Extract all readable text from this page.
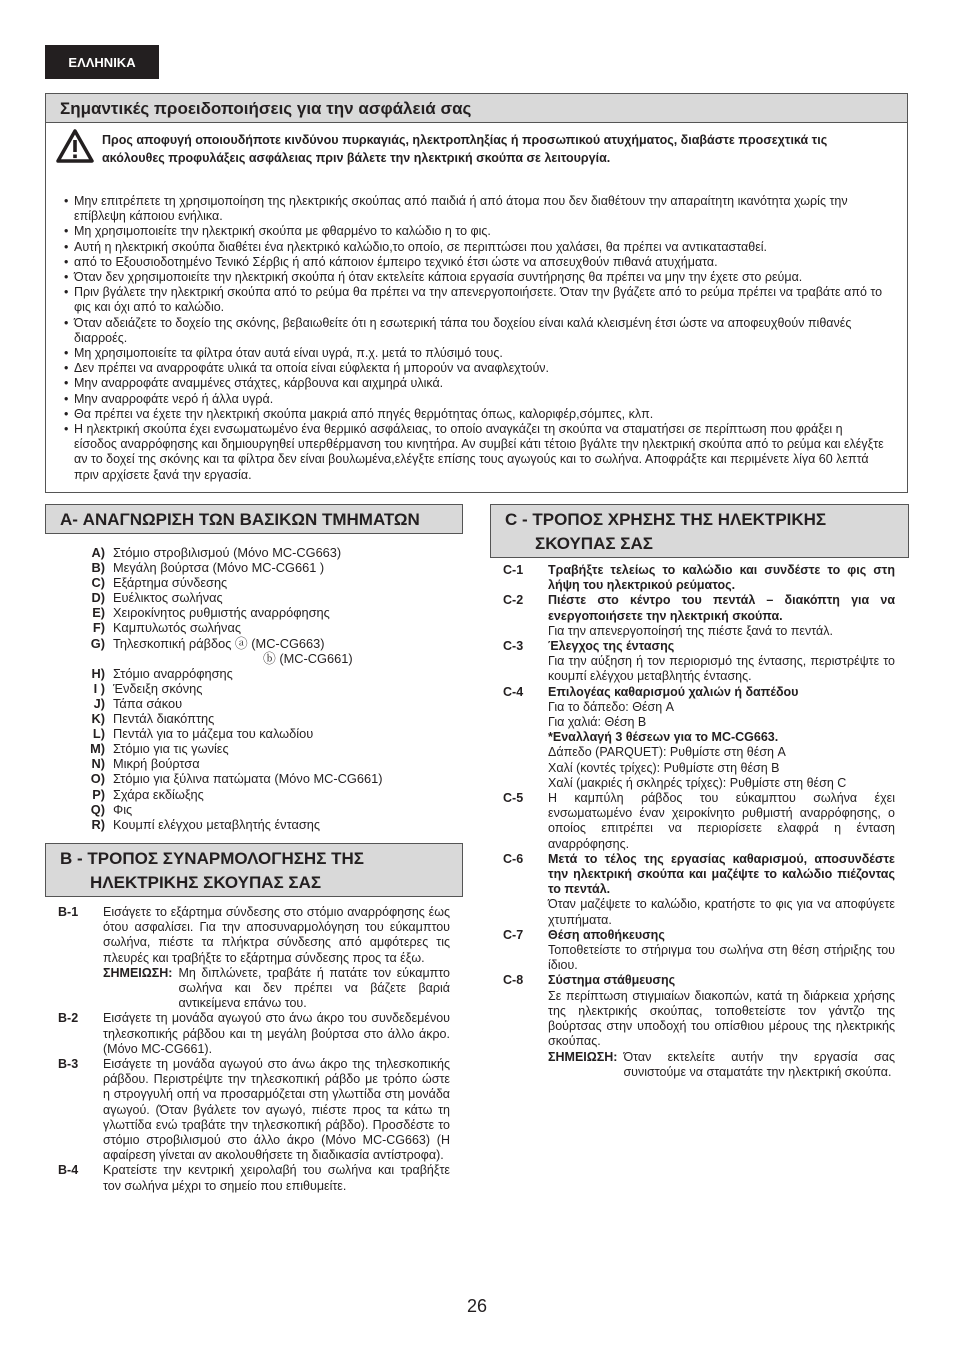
ΕΛΛΗΝΙΚΑ
Σημαντικές προειδοποιήσεις για την ασφάλειά σας
Προς αποφυγή οποιουδήποτε κινδύνου πυρκαγιάς, ηλεκτροπληξίας ή προσωπικού ατυχήματος, διαβάστε προσεχτικά τις ακόλουθες προφυλάξεις ασφάλειας πριν βάλετε την ηλεκτρική σκούπα σε λειτουργία.
• Μην επιτρέπετε τη χρησιμοποίηση της ηλεκτρικής σκούπας από παιδιά ή από άτομα που δεν διαθέτουν την απαραίτητη ικανότητα χωρίς την επίβλεψη κάποιου ενήλικα.
• Μη χρησιμοποιείτε την ηλεκτρική σκούπα με φθαρμένο το καλώδιο η το φις.
• Αυτή η ηλεκτρική σκούπα διαθέτει ένα ηλεκτρικό καλώδιο,το οποίο, σε περιπτώσει που χαλάσει, θα πρέπει να αντικατασταθεί.
• από το Εξουσιοδοτημένο Τενικό Σέρβις ή από κάποιον έμπειρο τεχνικό έτσι ώστε να απσευχθούν πιθανά ατυχήματα.
• Όταν δεν χρησιμοποιείτε την ηλεκτρική σκούπα ή όταν εκτελείτε κάποια εργασία συντήρησης θα πρέπει να μην την έχετε στο ρεύμα.
• Πριν βγάλετε την ηλεκτρική σκούπα από το ρεύμα θα πρέπει να την απενεργοποιήσετε. Όταν την βγάζετε από το ρεύμα πρέπει να τραβάτε από το φις και όχι από το καλώδιο.
• Όταν αδειάζετε το δοχείο της σκόνης, βεβαιωθείτε ότι η εσωτερική τάπα του δοχείου είναι καλά κλεισμένη έτσι ώστε να αποφευχθούν πιθανές διαρροές.
• Μη χρησιμοποιείτε τα φίλτρα όταν αυτά είναι υγρά, π.χ. μετά το πλύσιμό τους.
• Δεν πρέπει να αναρροφάτε υλικά τα οποία είναι εύφλεκτα ή μπορούν να αναφλεχτούν.
• Μην αναρροφάτε αναμμένες στάχτες, κάρβουνα και αιχμηρά υλικά.
• Μην αναρροφάτε νερό ή άλλα υγρά.
• Θα πρέπει να έχετε την ηλεκτρική σκούπα μακριά από πηγές θερμότητας όπως, καλοριφέρ,σόμπες, κλπ.
• Η ηλεκτρική σκούπα έχει ενσωματωμένο ένα θερμικό ασφάλειας, το οποίο αναγκάζει τη σκούπα να σταματήσει σε περίπτωση που φράξει η είσοδος αναρρόφησης και δημιουργηθεί υπερθέρμανση του κινητήρα. Αν συμβεί κάτι τέτοιο βγάλτε την ηλεκτρική σκούπα από το ρεύμα και ελέγξτε αν το δοχεί της σκόνης και τα φίλτρα δεν είναι βουλωμένα,ελέγξτε επίσης τους αγωγούς και το σωλήνα. Αποφράξτε και περιμένετε λίγα 60 λεπτά πριν αρχίσετε ξανά την εργασία.
A- ΑΝΑΓΝΩΡΙΣΗ ΤΩΝ ΒΑΣΙΚΩΝ ΤΜΗΜΑΤΩΝ
A) Στόμιο στροβιλισμού (Μόνο MC-CG663)
B) Μεγάλη βούρτσα (Μόνο MC-CG661 )
C) Εξάρτημα σύνδεσης
D) Ευέλικτος σωλήνας
E) Χειροκίνητος ρυθμιστής αναρρόφησης
F) Καμπυλωτός σωλήνας
G) Τηλεσκοπική ράβδος ⓐ (MC-CG663)
ⓑ (MC-CG661)
H) Στόμιο αναρρόφησης
I ) Ένδειξη σκόνης
J) Τάπα σάκου
K) Πεντάλ διακόπτης
L) Πεντάλ για το μάζεμα του καλωδίου
M) Στόμιο για τις γωνίες
N) Μικρή βούρτσα
O) Στόμιο για ξύλινα πατώματα (Μόνο MC-CG661)
P) Σχάρα εκδίωξης
Q) Φις
R) Κουμπί ελέγχου μεταβλητής έντασης
B - ΤΡΟΠΟΣ ΣΥΝΑΡΜΟΛΟΓΗΣΗΣ ΤΗΣ
ΗΛΕΚΤΡΙΚΗΣ ΣΚΟΥΠΑΣ ΣΑΣ
B-1	Εισάγετε το εξάρτημα σύνδεσης στο στόμιο αναρρόφησης έως ότου ασφαλίσει. Για την αποσυναρμολόγηση του εύκαμπτου σωλήνα, πιέστε τα πλήκτρα σύνδεσης από αμφότερες τις πλευρές και τραβήξτε το εξάρτημα σύνδεσης προς τα έξω.
ΣΗΜΕΙΩΣΗ: Μη διπλώνετε, τραβάτε ή πατάτε τον εύκαμπτο σωλήνα και δεν πρέπει να βάζετε βαριά αντικείμενα επάνω του.
B-2	Εισάγετε τη μονάδα αγωγού στο άνω άκρο του συνδεδεμένου τηλεσκοπικής ράβδου και τη μεγάλη βούρτσα στο άλλο άκρο. (Μόνο MC-CG661).
B-3	Εισάγετε τη μονάδα αγωγού στο άνω άκρο της τηλεσκοπικής ράβδου. Περιστρέψτε την τηλεσκοπική ράβδο με τρόπο ώστε η στρογγυλή οπή να προσαρμόζεται στη γλωττίδα στη μονάδα αγωγού. (Όταν βγάλετε τον αγωγό, πιέστε προς τα κάτω τη γλωττίδα ενώ τραβάτε την τηλεσκοπική ράβδο). Προσδέστε το στόμιο στροβιλισμού στο άλλο άκρο (Μόνο MC-CG663) (Η αφαίρεση γίνεται αν ακολουθήσετε τη διαδικασία αντίστροφα).
B-4	Κρατείστε την κεντρική χειρολαβή του σωλήνα και τραβήξτε τον σωλήνα μέχρι το σημείο που επιθυμείτε.
C - ΤΡΟΠΟΣ ΧΡΗΣΗΣ ΤΗΣ ΗΛΕΚΤΡΙΚΗΣ
ΣΚΟΥΠΑΣ ΣΑΣ
C-1	Τραβήξτε τελείως το καλώδιο και συνδέστε το φις στη λήψη του ηλεκτρικού ρεύματος.
C-2	Πιέστε στο κέντρο του πεντάλ – διακόπτη για να ενεργοποιήσετε την ηλεκτρική σκούπα.
Για την απενεργοποίησή της πιέστε ξανά το πεντάλ.
C-3	Έλεγχος της έντασης
Για την αύξηση ή τον περιορισμό της έντασης, περιστρέψτε το κουμπί ελέγχου μεταβλητής έντασης.
C-4	Επιλογέας καθαρισμού χαλιών ή δαπέδου
Για το δάπεδο: Θέση A
Για χαλιά: Θέση B
*Εναλλαγή 3 θέσεων για το MC-CG663.
Δάπεδο (PARQUET): Ρυθμίστε στη θέση A
Χαλί (κοντές τρίχες): Ρυθμίστε στη θέση B
Χαλί (μακριές ή σκληρές τρίχες): Ρυθμίστε στη θέση C
C-5	Η καμπύλη ράβδος του εύκαμπτου σωλήνα έχει ενσωματωμένο έναν χειροκίνητο ρυθμιστή αναρρόφησης, ο οποίος επιτρέπει να περιορίσετε ελαφρά η ένταση αναρρόφησης.
C-6	Μετά το τέλος της εργασίας καθαρισμού, αποσυνδέστε την ηλεκτρική σκούπα και μαζέψτε το καλώδιο πιέζοντας το πεντάλ.
Όταν μαζέψετε το καλώδιο, κρατήστε το φις για να αποφύγετε χτυπήματα.
C-7	Θέση αποθήκευσης
Τοποθετείστε το στήριγμα του σωλήνα στη θέση στήριξης του ίδιου.
C-8	Σύστημα στάθμευσης
Σε περίπτωση στιγμιαίων διακοπών, κατά τη διάρκεια χρήσης της ηλεκτρικής σκούπας, τοποθετείστε τον γάντζο της βούρτσας στην υποδοχή του οπίσθιου μέρους της ηλεκτρικής σκούπας.
ΣΗΜΕΙΩΣΗ: Όταν εκτελείτε αυτήν την εργασία σας συνιστούμε να σταματάτε την ηλεκτρική σκούπα.
26
